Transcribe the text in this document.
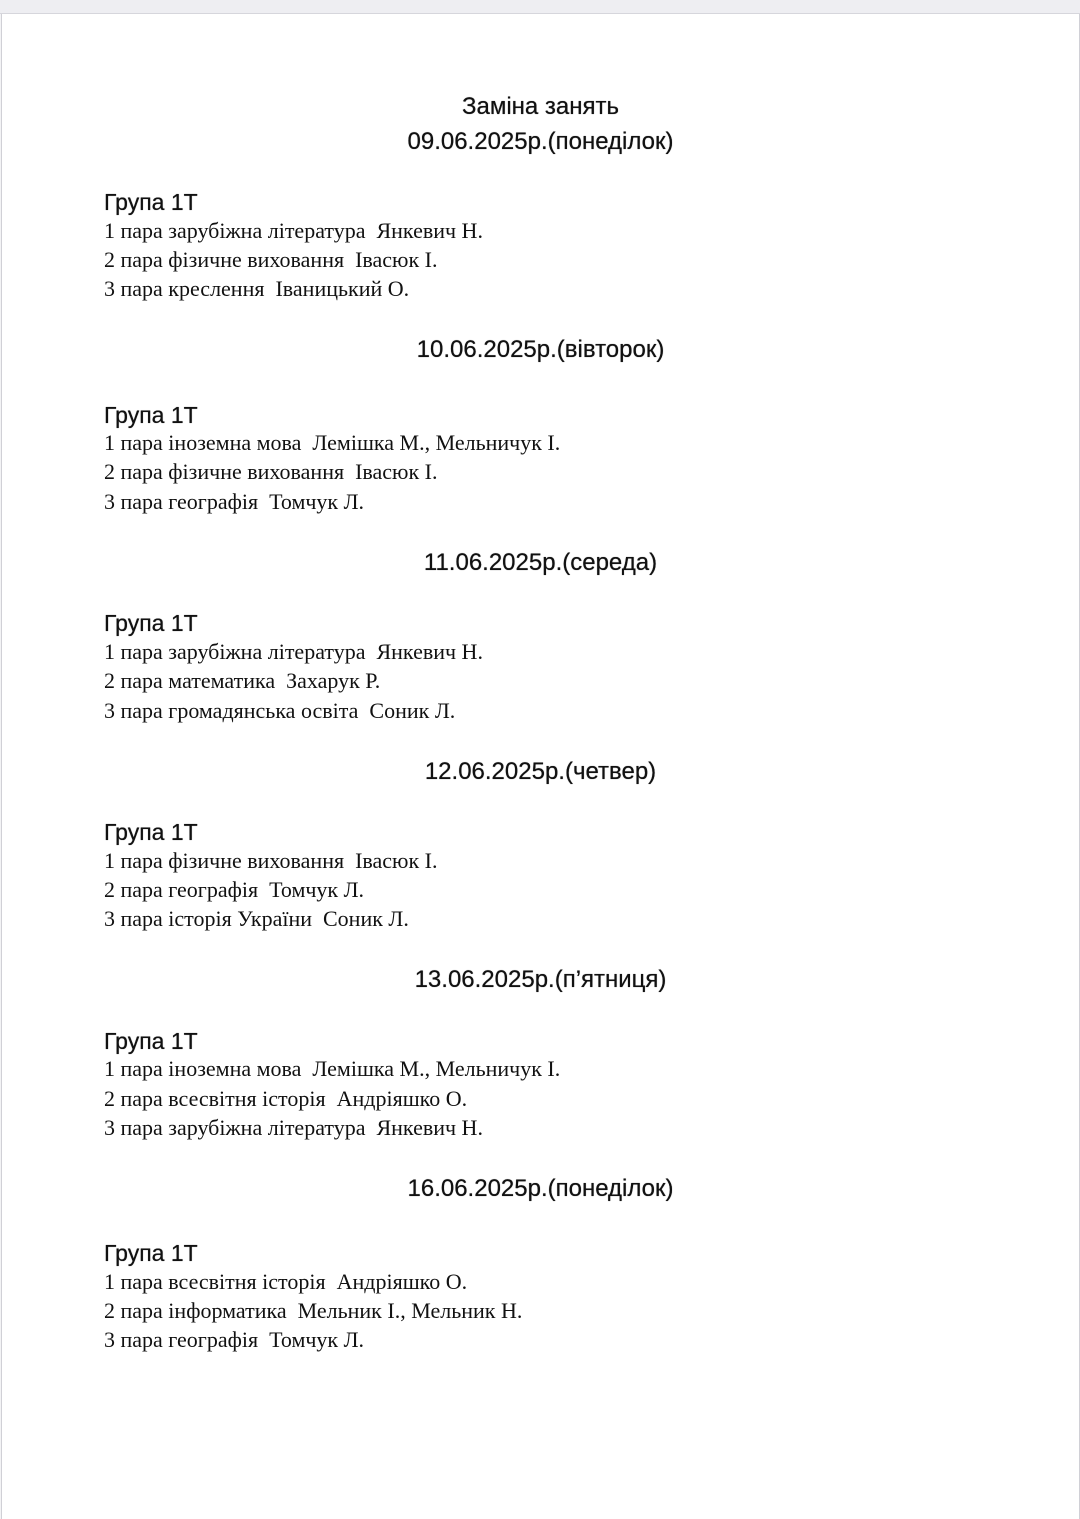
Заміна занять
09.06.2025р.(понеділок)
Група 1Т
1 пара зарубіжна література  Янкевич Н.
2 пара фізичне виховання  Івасюк І.
3 пара креслення  Іваницький О.
10.06.2025р.(вівторок)
Група 1Т
1 пара іноземна мова  Лемішка М., Мельничук І.
2 пара фізичне виховання  Івасюк І.
3 пара географія  Томчук Л.
11.06.2025р.(середа)
Група 1Т
1 пара зарубіжна література  Янкевич Н.
2 пара математика  Захарук Р.
3 пара громадянська освіта  Соник Л.
12.06.2025р.(четвер)
Група 1Т
1 пара фізичне виховання  Івасюк І.
2 пара географія  Томчук Л.
3 пара історія України  Соник Л.
13.06.2025р.(п’ятниця)
Група 1Т
1 пара іноземна мова  Лемішка М., Мельничук І.
2 пара всесвітня історія  Андріяшко О.
3 пара зарубіжна література  Янкевич Н.
16.06.2025р.(понеділок)
Група 1Т
1 пара всесвітня історія  Андріяшко О.
2 пара інформатика  Мельник І., Мельник Н.
3 пара географія  Томчук Л.
